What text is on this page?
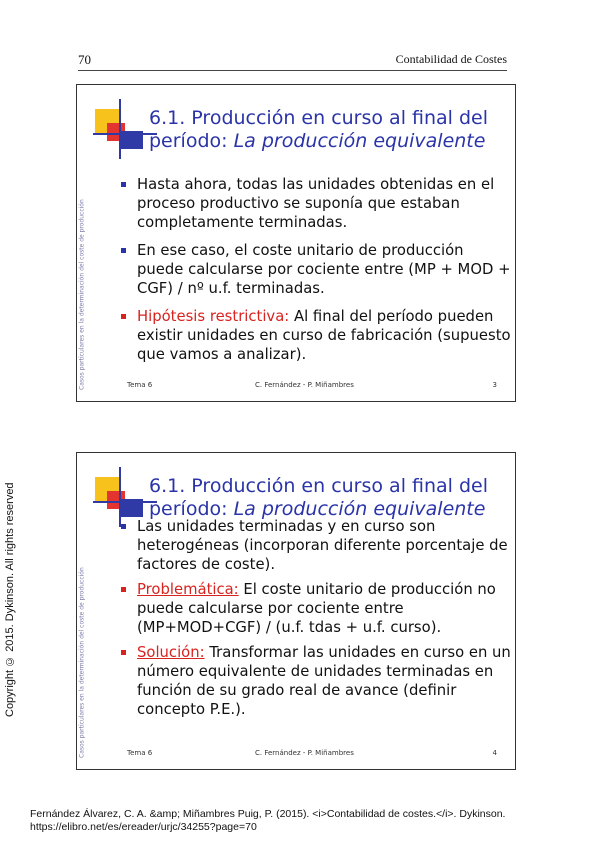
70	Contabilidad de Costes
6.1. Producción en curso al final del período: La producción equivalente
Casos particulares en la determinación del coste de producción
Hasta ahora, todas las unidades obtenidas en el proceso productivo se suponía que estaban completamente terminadas.
En ese caso, el coste unitario de producción puede calcularse por cociente entre (MP + MOD + CGF) / nº u.f. terminadas.
Hipótesis restrictiva: Al final del período pueden existir unidades en curso de fabricación (supuesto que vamos a analizar).
Tema 6	C. Fernández - P. Miñambres	3
6.1. Producción en curso al final del período: La producción equivalente
Casos particulares en la determinación del coste de producción
Las unidades terminadas y en curso son heterogéneas (incorporan diferente porcentaje de factores de coste).
Problemática: El coste unitario de producción no puede calcularse por cociente entre (MP+MOD+CGF) / (u.f. tdas + u.f. curso).
Solución: Transformar las unidades en curso en un número equivalente de unidades terminadas en función de su grado real de avance (definir concepto P.E.).
Tema 6	C. Fernández - P. Miñambres	4
Copyright © 2015. Dykinson. All rights reserved
Fernández Álvarez, C. A. &amp; Miñambres Puig, P. (2015). <i>Contabilidad de costes.</i>. Dykinson.
https://elibro.net/es/ereader/urjc/34255?page=70
